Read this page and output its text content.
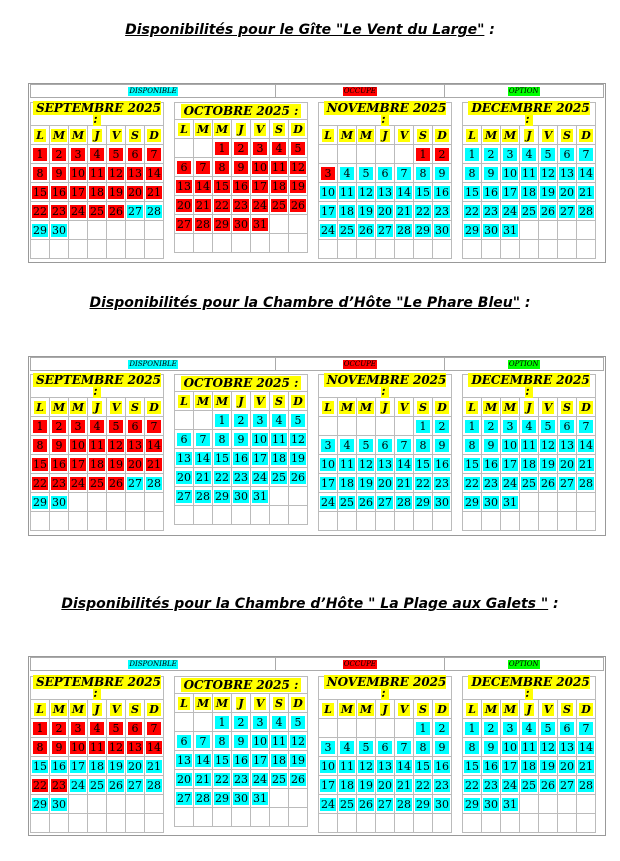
Disponibilités pour le Gîte "Le Vent du Large" :
DISPONIBLE	OCCUPE	OPTION
SEPTEMBRE 2025 :						
L	M	M	J	V	S	D
1	2	3	4	5	6	7
8	9	10	11	12	13	14
15	16	17	18	19	20	21
22	23	24	25	26	27	28
29	30					

OCTOBRE 2025 :						
L	M	M	J	V	S	D
		1	2	3	4	5
6	7	8	9	10	11	12
13	14	15	16	17	18	19
20	21	22	23	24	25	26
27	28	29	30	31		

NOVEMBRE 2025 :						
L	M	M	J	V	S	D
					1	2
3	4	5	6	7	8	9
10	11	12	13	14	15	16
17	18	19	20	21	22	23
24	25	26	27	28	29	30

DECEMBRE 2025 :						
L	M	M	J	V	S	D
1	2	3	4	5	6	7
8	9	10	11	12	13	14
15	16	17	18	19	20	21
22	23	24	25	26	27	28
29	30	31				

Disponibilités pour la Chambre d’Hôte "Le Phare Bleu" :
DISPONIBLE	OCCUPE	OPTION
SEPTEMBRE 2025 :						
L	M	M	J	V	S	D
1	2	3	4	5	6	7
8	9	10	11	12	13	14
15	16	17	18	19	20	21
22	23	24	25	26	27	28
29	30					

OCTOBRE 2025 :						
L	M	M	J	V	S	D
		1	2	3	4	5
6	7	8	9	10	11	12
13	14	15	16	17	18	19
20	21	22	23	24	25	26
27	28	29	30	31		

NOVEMBRE 2025 :						
L	M	M	J	V	S	D
					1	2
3	4	5	6	7	8	9
10	11	12	13	14	15	16
17	18	19	20	21	22	23
24	25	26	27	28	29	30

DECEMBRE 2025 :						
L	M	M	J	V	S	D
1	2	3	4	5	6	7
8	9	10	11	12	13	14
15	16	17	18	19	20	21
22	23	24	25	26	27	28
29	30	31				

Disponibilités pour la Chambre d’Hôte " La Plage aux Galets " :
DISPONIBLE	OCCUPE	OPTION
SEPTEMBRE 2025 :						
L	M	M	J	V	S	D
1	2	3	4	5	6	7
8	9	10	11	12	13	14
15	16	17	18	19	20	21
22	23	24	25	26	27	28
29	30					

OCTOBRE 2025 :						
L	M	M	J	V	S	D
		1	2	3	4	5
6	7	8	9	10	11	12
13	14	15	16	17	18	19
20	21	22	23	24	25	26
27	28	29	30	31		

NOVEMBRE 2025 :						
L	M	M	J	V	S	D
					1	2
3	4	5	6	7	8	9
10	11	12	13	14	15	16
17	18	19	20	21	22	23
24	25	26	27	28	29	30

DECEMBRE 2025 :						
L	M	M	J	V	S	D
1	2	3	4	5	6	7
8	9	10	11	12	13	14
15	16	17	18	19	20	21
22	23	24	25	26	27	28
29	30	31				
